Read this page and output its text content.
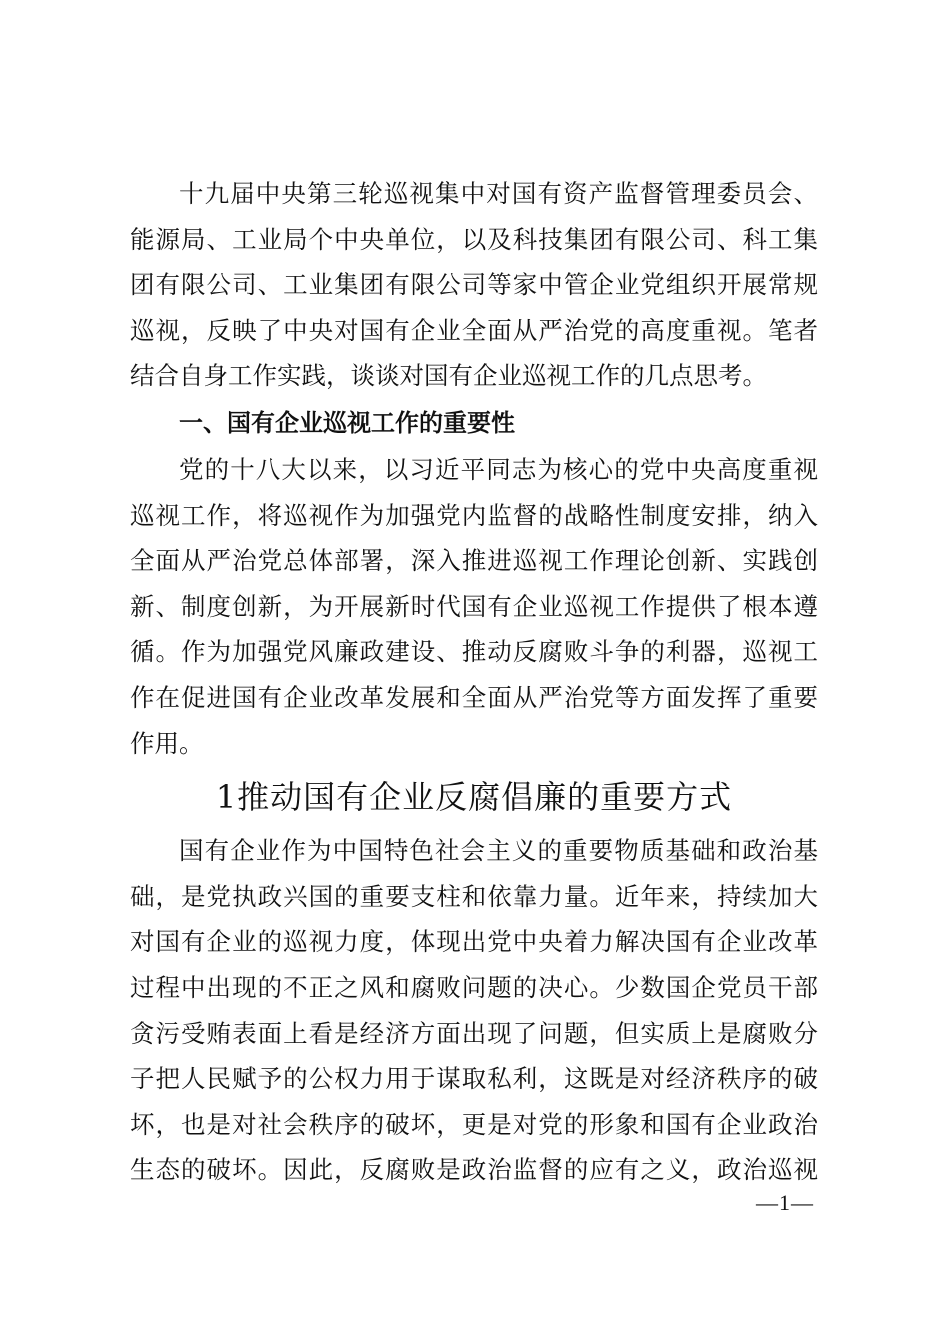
十九届中央第三轮巡视集中对国有资产监督管理委员会、
能源局、工业局个中央单位，以及科技集团有限公司、科工集
团有限公司、工业集团有限公司等家中管企业党组织开展常规
巡视，反映了中央对国有企业全面从严治党的高度重视。笔者
结合自身工作实践，谈谈对国有企业巡视工作的几点思考。
一、国有企业巡视工作的重要性
党的十八大以来，以习近平同志为核心的党中央高度重视
巡视工作，将巡视作为加强党内监督的战略性制度安排，纳入
全面从严治党总体部署，深入推进巡视工作理论创新、实践创
新、制度创新，为开展新时代国有企业巡视工作提供了根本遵
循。作为加强党风廉政建设、推动反腐败斗争的利器，巡视工
作在促进国有企业改革发展和全面从严治党等方面发挥了重要
作用。
1推动国有企业反腐倡廉的重要方式
国有企业作为中国特色社会主义的重要物质基础和政治基
础，是党执政兴国的重要支柱和依靠力量。近年来，持续加大
对国有企业的巡视力度，体现出党中央着力解决国有企业改革
过程中出现的不正之风和腐败问题的决心。少数国企党员干部
贪污受贿表面上看是经济方面出现了问题，但实质上是腐败分
子把人民赋予的公权力用于谋取私利，这既是对经济秩序的破
坏，也是对社会秩序的破坏，更是对党的形象和国有企业政治
生态的破坏。因此，反腐败是政治监督的应有之义，政治巡视
—1—
